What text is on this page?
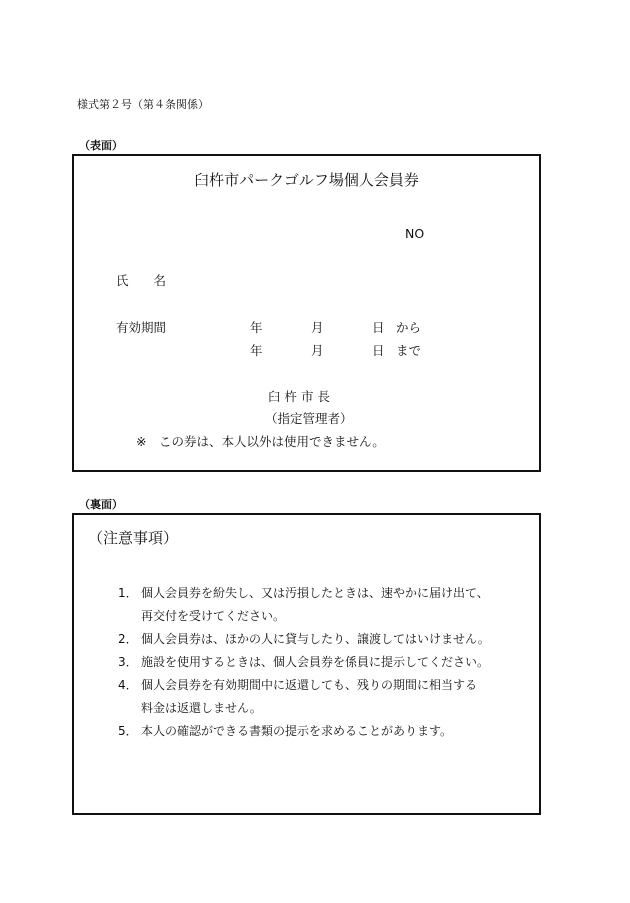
様式第２号（第４条関係）
（表面）
臼杵市パークゴルフ場個人会員券
NO
氏　　名
有効期間	年	月	日 から
年	月	日 まで
臼 杵 市 長
（指定管理者）
※　この券は、本人以外は使用できません。
（裏面）
（注意事項）
1． 個人会員券を紛失し、又は汚損したときは、速やかに届け出て、
再交付を受けてください。
2． 個人会員券は、ほかの人に貸与したり、譲渡してはいけません。
3． 施設を使用するときは、個人会員券を係員に提示してください。
4． 個人会員券を有効期間中に返還しても、残りの期間に相当する
料金は返還しません。
5． 本人の確認ができる書類の提示を求めることがあります。
